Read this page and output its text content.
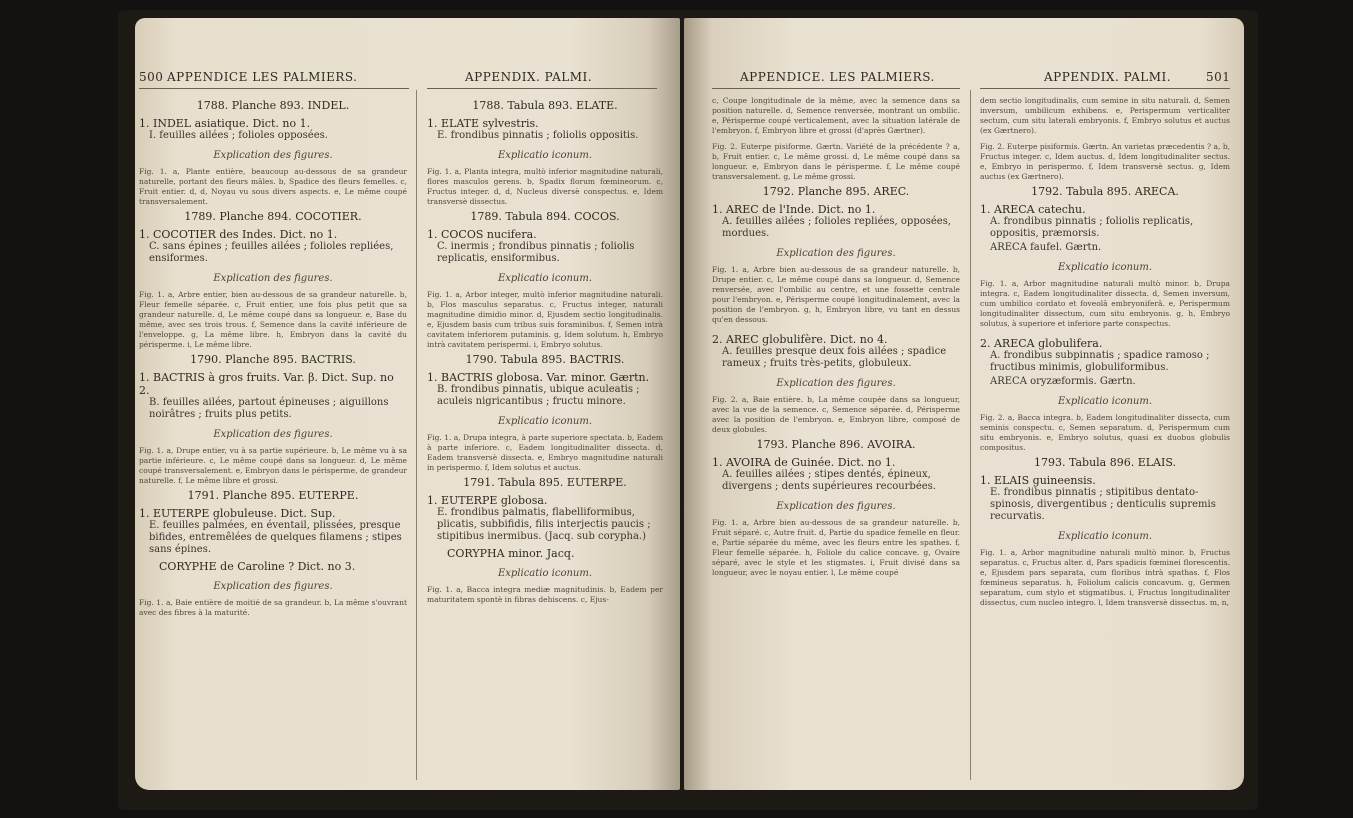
500 APPENDICE LES PALMIERS.	APPENDIX. PALMI.
1788. Planche 893. INDEL.
1. INDEL asiatique. Dict. no 1.
I. feuilles ailées ; folioles opposées.
Explication des figures.
Fig. 1. a, Plante entière, beaucoup au-dessous de sa grandeur naturelle, portant des fleurs mâles. b, Spadice des fleurs femelles. c, Fruit entier. d, d, Noyau vu sous divers aspects. e, Le même coupé transversalement.
1789. Planche 894. COCOTIER.
1. COCOTIER des Indes. Dict. no 1.
C. sans épines ; feuilles ailées ; folioles repliées, ensiformes.
Explication des figures.
Fig. 1. a, Arbre entier, bien au-dessous de sa grandeur naturelle. b, Fleur femelle séparée. c, Fruit entier, une fois plus petit que sa grandeur naturelle. d, Le même coupé dans sa longueur. e, Base du même, avec ses trois trous. f, Semence dans la cavité inférieure de l'enveloppe. g, La même libre. h, Embryon dans la cavité du périsperme. i, Le même libre.
1790. Planche 895. BACTRIS.
1. BACTRIS à gros fruits. Var. β. Dict. Sup. no 2.
B. feuilles ailées, partout épineuses ; aiguillons noirâtres ; fruits plus petits.
Explication des figures.
Fig. 1. a, Drupe entier, vu à sa partie supérieure. b, Le même vu à sa partie inférieure. c, Le même coupé dans sa longueur. d, Le même coupé transversalement. e, Embryon dans le périsperme, de grandeur naturelle. f, Le même libre et grossi.
1791. Planche 895. EUTERPE.
1. EUTERPE globuleuse. Dict. Sup.
E. feuilles palmées, en éventail, plissées, presque bifides, entremêlées de quelques filamens ; stipes sans épines.
CORYPHE de Caroline ? Dict. no 3.
Explication des figures.
Fig. 1. a, Baie entière de moitié de sa grandeur. b, La même s'ouvrant avec des fibres à la maturité.
1788. Tabula 893. ELATE.
1. ELATE sylvestris.
E. frondibus pinnatis ; foliolis oppositis.
Explicatio iconum.
Fig. 1. a, Planta integra, multò inferior magnitudine naturali, flores masculos gerens. b, Spadix florum fœmineorum. c, Fructus integer. d, d, Nucleus diversè conspectus. e, Idem transversè dissectus.
1789. Tabula 894. COCOS.
1. COCOS nucifera.
C. inermis ; frondibus pinnatis ; foliolis replicatis, ensiformibus.
Explicatio iconum.
Fig. 1. a, Arbor integer, multò inferior magnitudine naturali. b, Flos masculus separatus. c, Fructus integer, naturali magnitudine dimidio minor. d, Ejusdem sectio longitudinalis. e, Ejusdem basis cum tribus suis foraminibus. f, Semen intrà cavitatem inferiorem putaminis. g, Idem solutum. h, Embryo intrà cavitatem perispermi. i, Embryo solutus.
1790. Tabula 895. BACTRIS.
1. BACTRIS globosa. Var. minor. Gærtn.
B. frondibus pinnatis, ubique aculeatis ; aculeis nigricantibus ; fructu minore.
Explicatio iconum.
Fig. 1. a, Drupa integra, à parte superiore spectata. b, Eadem à parte inferiore. c, Eadem longitudinaliter dissecta. d, Eadem transversè dissecta. e, Embryo magnitudine naturali in perispermo. f, Idem solutus et auctus.
1791. Tabula 895. EUTERPE.
1. EUTERPE globosa.
E. frondibus palmatis, flabelliformibus, plicatis, subbifidis, filis interjectis paucis ; stipitibus inermibus. (Jacq. sub corypha.)
CORYPHA minor. Jacq.
Explicatio iconum.
Fig. 1. a, Bacca integra mediæ magnitudinis. b, Eadem per maturitatem spontè in fibras dehiscens. c, Ejus-
APPENDICE. LES PALMIERS.	APPENDIX. PALMI.	501
c, Coupe longitudinale de la même, avec la semence dans sa position naturelle. d, Semence renversée, montrant un ombilic. e, Périsperme coupé verticalement, avec la situation latérale de l'embryon. f, Embryon libre et grossi (d'après Gærtner).
Fig. 2. Euterpe pisiforme. Gærtn. Variété de la précédente ? a, b, Fruit entier. c, Le même grossi. d, Le même coupé dans sa longueur. e, Embryon dans le périsperme. f, Le même coupé transversalement. g, Le même grossi.
1792. Planche 895. AREC.
1. AREC de l'Inde. Dict. no 1.
A. feuilles ailées ; folioles repliées, opposées, mordues.
Explication des figures.
Fig. 1. a, Arbre bien au-dessous de sa grandeur naturelle. b, Drupe entier. c, Le même coupé dans sa longueur. d, Semence renversée, avec l'ombilic au centre, et une fossette centrale pour l'embryon. e, Périsperme coupé longitudinalement, avec la position de l'embryon. g, h, Embryon libre, vu tant en dessus qu'en dessous.
2. AREC globulifère. Dict. no 4.
A. feuilles presque deux fois ailées ; spadice rameux ; fruits très-petits, globuleux.
Explication des figures.
Fig. 2. a, Baie entière. b, La même coupée dans sa longueur, avec la vue de la semence. c, Semence séparée. d, Périsperme avec la position de l'embryon. e, Embryon libre, composé de deux globules.
1793. Planche 896. AVOIRA.
1. AVOIRA de Guinée. Dict. no 1.
A. feuilles ailées ; stipes dentés, épineux, divergens ; dents supérieures recourbées.
Explication des figures.
Fig. 1. a, Arbre bien au-dessous de sa grandeur naturelle. b, Fruit séparé. c, Autre fruit. d, Partie du spadice femelle en fleur. e, Partie séparée du même, avec les fleurs entre les spathes. f, Fleur femelle séparée. h, Foliole du calice concave. g, Ovaire séparé, avec le style et les stigmates. i, Fruit divisé dans sa longueur, avec le noyau entier. l, Le même coupé
dem sectio longitudinalis, cum semine in situ naturali. d, Semen inversum, umbilicum exhibens. e, Perispermum verticaliter sectum, cum situ laterali embryonis. f, Embryo solutus et auctus (ex Gærtnero).
Fig. 2. Euterpe pisiformis. Gærtn. An varietas præcedentis ? a, b, Fructus integer. c, Idem auctus. d, Idem longitudinaliter sectus. e, Embryo in perispermo. f, Idem transversè sectus. g, Idem auctus (ex Gærtnero).
1792. Tabula 895. ARECA.
1. ARECA catechu.
A. frondibus pinnatis ; foliolis replicatis, oppositis, præmorsis.
ARECA faufel. Gærtn.
Explicatio iconum.
Fig. 1. a, Arbor magnitudine naturali multò minor. b, Drupa integra. c, Eadem longitudinaliter dissecta. d, Semen inversum, cum umbilico cordato et foveolâ embryoniferâ. e, Perispermum longitudinaliter dissectum, cum situ embryonis. g, h, Embryo solutus, à superiore et inferiore parte conspectus.
2. ARECA globulifera.
A. frondibus subpinnatis ; spadice ramoso ; fructibus minimis, globuliformibus.
ARECA oryzæformis. Gærtn.
Explicatio iconum.
Fig. 2. a, Bacca integra. b, Eadem longitudinaliter dissecta, cum seminis conspectu. c, Semen separatum. d, Perispermum cum situ embryonis. e, Embryo solutus, quasi ex duobus globulis compositus.
1793. Tabula 896. ELAIS.
1. ELAIS guineensis.
E. frondibus pinnatis ; stipitibus dentato-spinosis, divergentibus ; denticulis supremis recurvatis.
Explicatio iconum.
Fig. 1. a, Arbor magnitudine naturali multò minor. b, Fructus separatus. c, Fructus alter. d, Pars spadicis fœminei florescentis. e, Ejusdem pars separata, cum floribus intrà spathas. f, Flos fœmineus separatus. h, Foliolum calicis concavum. g, Germen separatum, cum stylo et stigmatibus. i, Fructus longitudinaliter dissectus, cum nucleo integro. l, Idem transversè dissectus. m, n,
